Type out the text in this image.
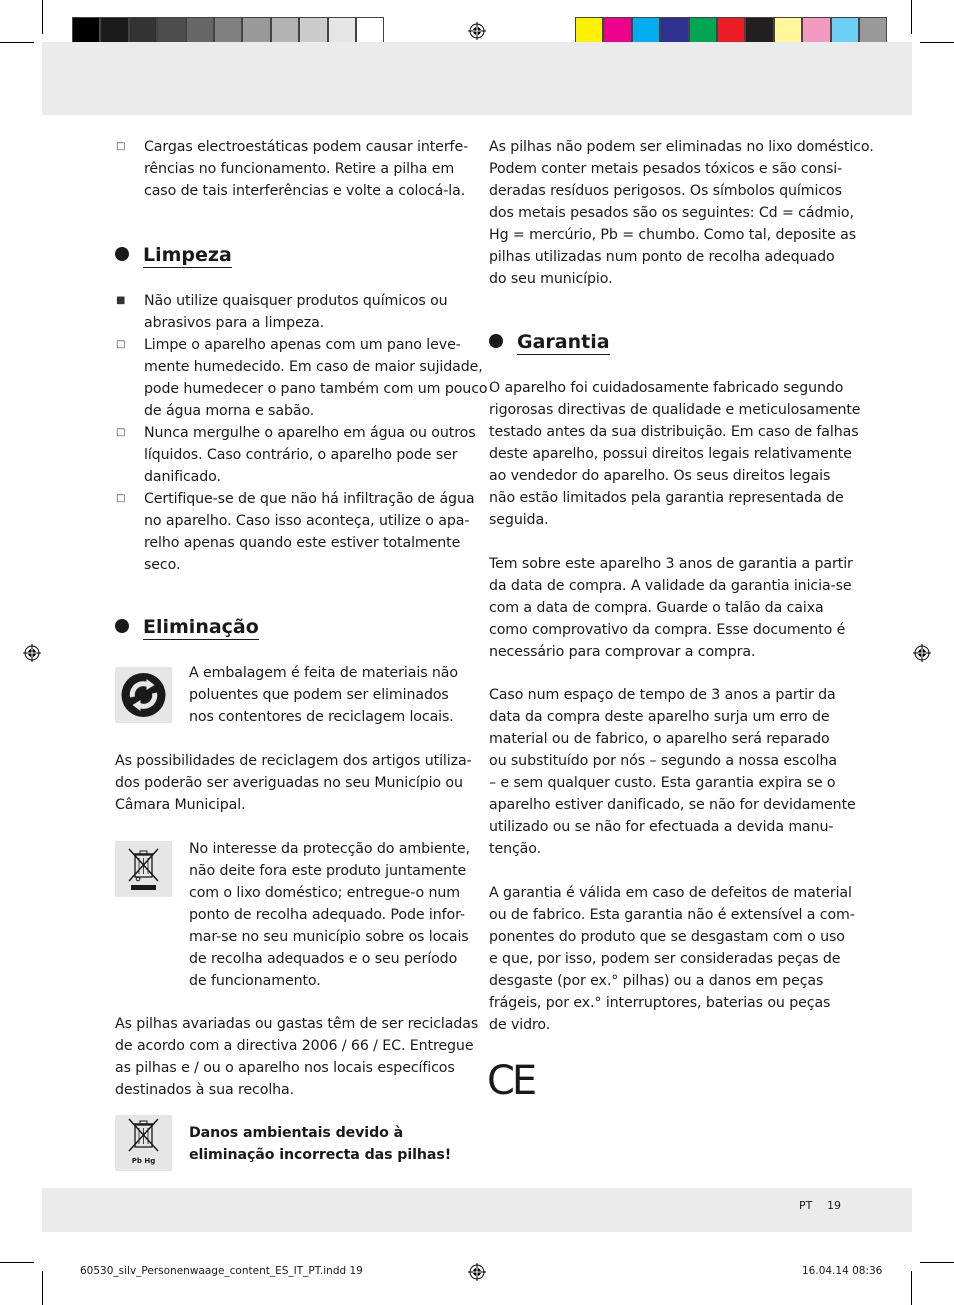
□ Cargas electroestáticas podem causar interfe-
rências no funcionamento. Retire a pilha em
caso de tais interferências e volte a colocá-la.
Limpeza
■ Não utilize quaisquer produtos químicos ou
abrasivos para a limpeza.
□ Limpe o aparelho apenas com um pano leve-
mente humedecido. Em caso de maior sujidade,
pode humedecer o pano também com um pouco
de água morna e sabão.
□ Nunca mergulhe o aparelho em água ou outros
líquidos. Caso contrário, o aparelho pode ser
danificado.
□ Certifique-se de que não há infiltração de água
no aparelho. Caso isso aconteça, utilize o apa-
relho apenas quando este estiver totalmente
seco.
Eliminação
A embalagem é feita de materiais não
poluentes que podem ser eliminados
nos contentores de reciclagem locais.
As possibilidades de reciclagem dos artigos utiliza-
dos poderão ser averiguadas no seu Município ou
Câmara Municipal.
No interesse da protecção do ambiente,
não deite fora este produto juntamente
com o lixo doméstico; entregue-o num
ponto de recolha adequado. Pode infor-
mar-se no seu município sobre os locais
de recolha adequados e o seu período
de funcionamento.
As pilhas avariadas ou gastas têm de ser recicladas
de acordo com a directiva 2006 / 66 / EC. Entregue
as pilhas e / ou o aparelho nos locais específicos
destinados à sua recolha.
Pb Hg
Danos ambientais devido à
eliminação incorrecta das pilhas!
As pilhas não podem ser eliminadas no lixo doméstico.
Podem conter metais pesados tóxicos e são consi-
deradas resíduos perigosos. Os símbolos químicos
dos metais pesados são os seguintes: Cd = cádmio,
Hg = mercúrio, Pb = chumbo. Como tal, deposite as
pilhas utilizadas num ponto de recolha adequado
do seu município.
Garantia
O aparelho foi cuidadosamente fabricado segundo
rigorosas directivas de qualidade e meticulosamente
testado antes da sua distribuição. Em caso de falhas
deste aparelho, possui direitos legais relativamente
ao vendedor do aparelho. Os seus direitos legais
não estão limitados pela garantia representada de
seguida.
Tem sobre este aparelho 3 anos de garantia a partir
da data de compra. A validade da garantia inicia-se
com a data de compra. Guarde o talão da caixa
como comprovativo da compra. Esse documento é
necessário para comprovar a compra.
Caso num espaço de tempo de 3 anos a partir da
data da compra deste aparelho surja um erro de
material ou de fabrico, o aparelho será reparado
ou substituído por nós – segundo a nossa escolha
– e sem qualquer custo. Esta garantia expira se o
aparelho estiver danificado, se não for devidamente
utilizado ou se não for efectuada a devida manu-
tenção.
A garantia é válida em caso de defeitos de material
ou de fabrico. Esta garantia não é extensível a com-
ponentes do produto que se desgastam com o uso
e que, por isso, podem ser consideradas peças de
desgaste (por ex.° pilhas) ou a danos em peças
frágeis, por ex.° interruptores, baterias ou peças
de vidro.
CE
PT 19
60530_silv_Personenwaage_content_ES_IT_PT.indd 19	16.04.14 08:36
